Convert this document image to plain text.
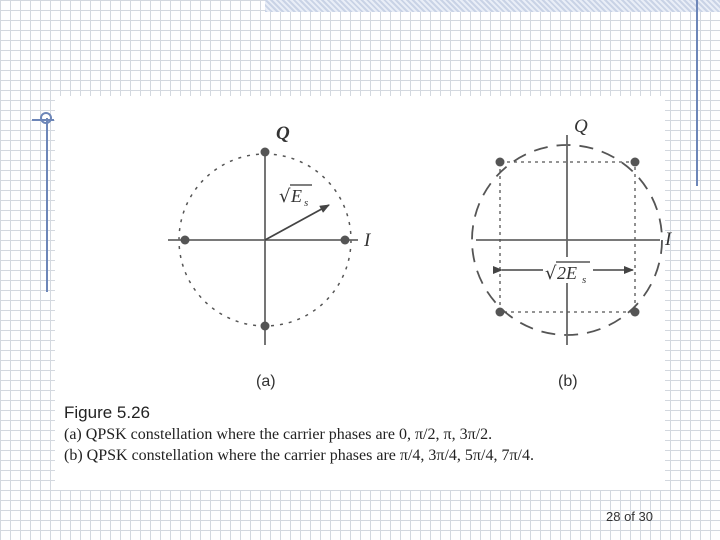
Q
I
√ E s
(a)
√ 2E s
Q
I
(b)
Figure 5.26
(a) QPSK constellation where the carrier phases are 0, π/2, π, 3π/2.
(b) QPSK constellation where the carrier phases are π/4, 3π/4, 5π/4, 7π/4.
28 of 30
